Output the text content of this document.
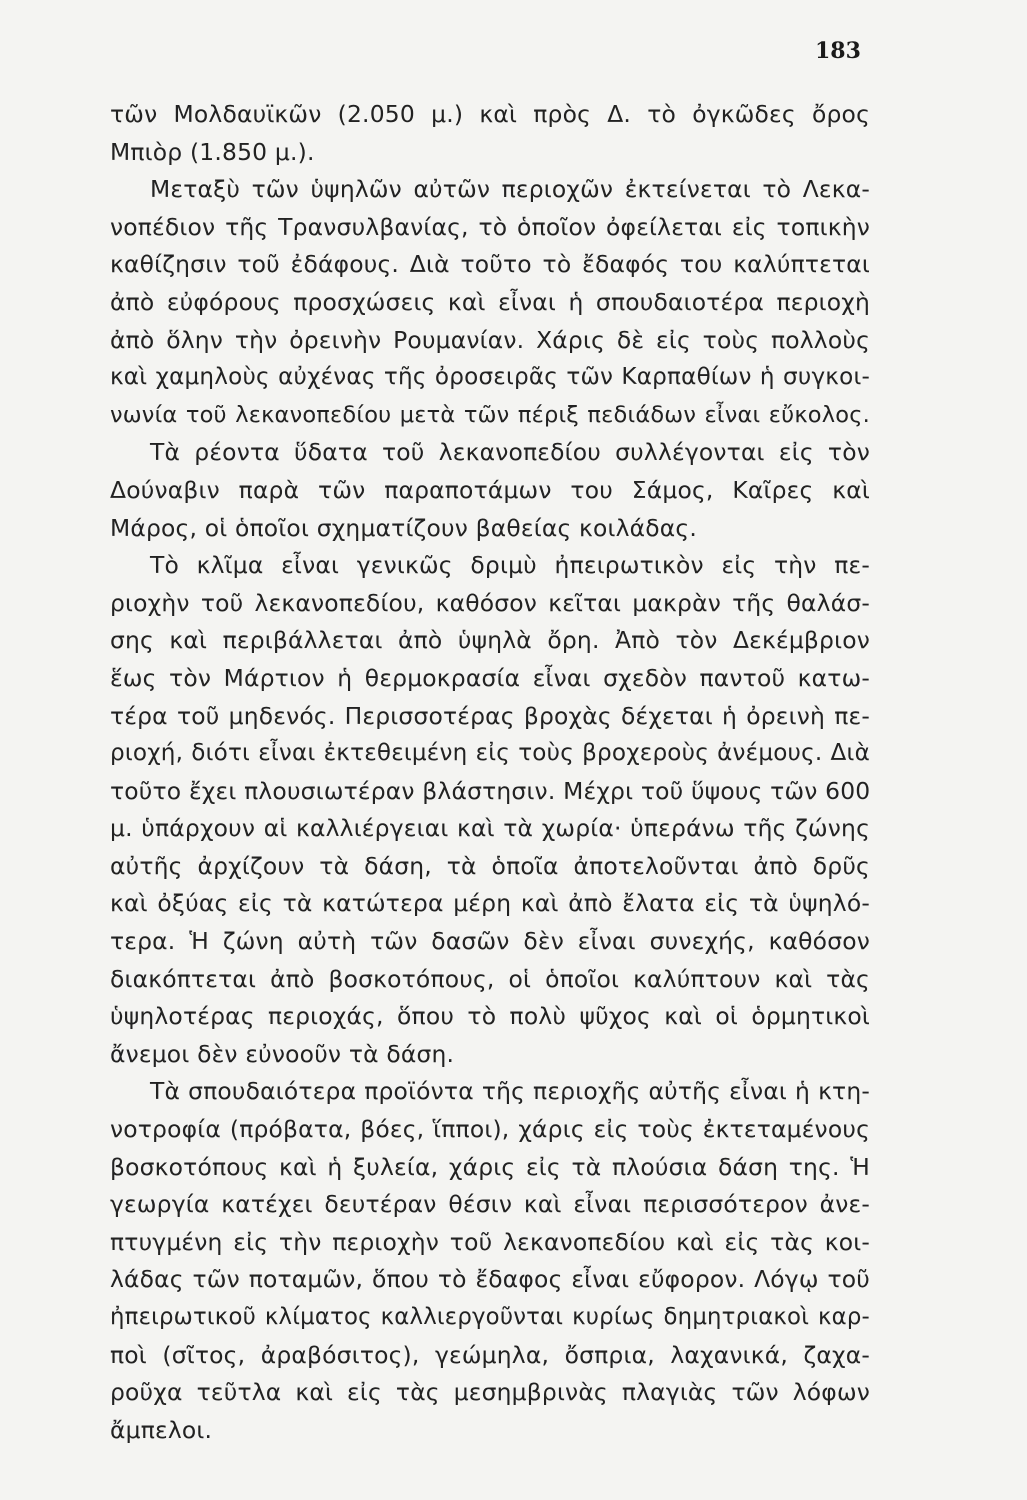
183
τῶν Μολδαυϊκῶν (2.050 μ.) καὶ πρὸς Δ. τὸ ὀγκῶδες ὄρος
Μπιὸρ (1.850 μ.).
Μεταξὺ τῶν ὑψηλῶν αὐτῶν περιοχῶν ἐκτείνεται τὸ Λεκα-
νοπέδιον τῆς Τρανσυλβανίας, τὸ ὁποῖον ὀφείλεται εἰς τοπικὴν
καθίζησιν τοῦ ἐδάφους. Διὰ τοῦτο τὸ ἔδαφός του καλύπτεται
ἀπὸ εὐφόρους προσχώσεις καὶ εἶναι ἡ σπουδαιοτέρα περιοχὴ
ἀπὸ ὅλην τὴν ὀρεινὴν Ρουμανίαν. Χάρις δὲ εἰς τοὺς πολλοὺς
καὶ χαμηλοὺς αὐχένας τῆς ὀροσειρᾶς τῶν Καρπαθίων ἡ συγκοι-
νωνία τοῦ λεκανοπεδίου μετὰ τῶν πέριξ πεδιάδων εἶναι εὔκολος.
Τὰ ρέοντα ὕδατα τοῦ λεκανοπεδίου συλλέγονται εἰς τὸν
Δούναβιν παρὰ τῶν παραποτάμων του Σάμος, Καῖρες καὶ
Μάρος, οἱ ὁποῖοι σχηματίζουν βαθείας κοιλάδας.
Τὸ κλῖμα εἶναι γενικῶς δριμὺ ἠπειρωτικὸν εἰς τὴν πε-
ριοχὴν τοῦ λεκανοπεδίου, καθόσον κεῖται μακρὰν τῆς θαλάσ-
σης καὶ περιβάλλεται ἀπὸ ὑψηλὰ ὄρη. Ἀπὸ τὸν Δεκέμβριον
ἕως τὸν Μάρτιον ἡ θερμοκρασία εἶναι σχεδὸν παντοῦ κατω-
τέρα τοῦ μηδενός. Περισσοτέρας βροχὰς δέχεται ἡ ὀρεινὴ πε-
ριοχή, διότι εἶναι ἐκτεθειμένη εἰς τοὺς βροχεροὺς ἀνέμους. Διὰ
τοῦτο ἔχει πλουσιωτέραν βλάστησιν. Μέχρι τοῦ ὕψους τῶν 600
μ. ὑπάρχουν αἱ καλλιέργειαι καὶ τὰ χωρία· ὑπεράνω τῆς ζώνης
αὐτῆς ἀρχίζουν τὰ δάση, τὰ ὁποῖα ἀποτελοῦνται ἀπὸ δρῦς
καὶ ὀξύας εἰς τὰ κατώτερα μέρη καὶ ἀπὸ ἔλατα εἰς τὰ ὑψηλό-
τερα. Ἡ ζώνη αὐτὴ τῶν δασῶν δὲν εἶναι συνεχής, καθόσον
διακόπτεται ἀπὸ βοσκοτόπους, οἱ ὁποῖοι καλύπτουν καὶ τὰς
ὑψηλοτέρας περιοχάς, ὅπου τὸ πολὺ ψῦχος καὶ οἱ ὁρμητικοὶ
ἄνεμοι δὲν εὐνοοῦν τὰ δάση.
Τὰ σπουδαιότερα προϊόντα τῆς περιοχῆς αὐτῆς εἶναι ἡ κτη-
νοτροφία (πρόβατα, βόες, ἵπποι), χάρις εἰς τοὺς ἐκτεταμένους
βοσκοτόπους καὶ ἡ ξυλεία, χάρις εἰς τὰ πλούσια δάση της. Ἡ
γεωργία κατέχει δευτέραν θέσιν καὶ εἶναι περισσότερον ἀνε-
πτυγμένη εἰς τὴν περιοχὴν τοῦ λεκανοπεδίου καὶ εἰς τὰς κοι-
λάδας τῶν ποταμῶν, ὅπου τὸ ἔδαφος εἶναι εὔφορον. Λόγῳ τοῦ
ἠπειρωτικοῦ κλίματος καλλιεργοῦνται κυρίως δημητριακοὶ καρ-
ποὶ (σῖτος, ἀραβόσιτος), γεώμηλα, ὄσπρια, λαχανικά, ζαχα-
ροῦχα τεῦτλα καὶ εἰς τὰς μεσημβρινὰς πλαγιὰς τῶν λόφων
ἄμπελοι.
